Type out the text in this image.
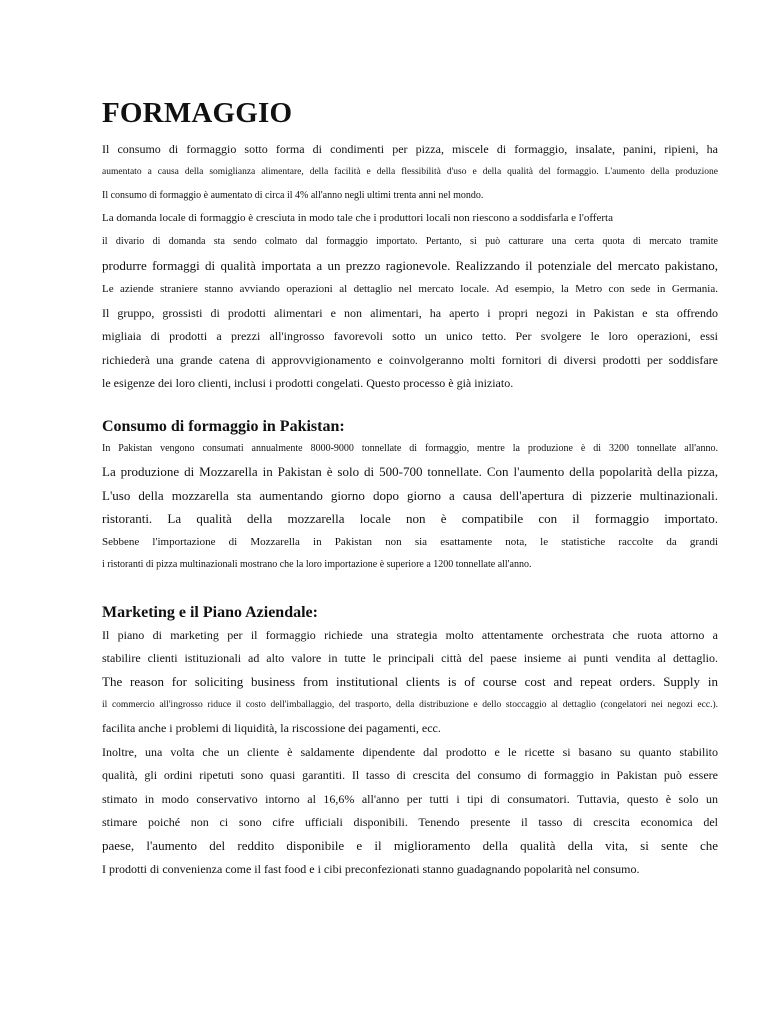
FORMAGGIO
Il consumo di formaggio sotto forma di condimenti per pizza, miscele di formaggio, insalate, panini, ripieni, ha
aumentato a causa della somiglianza alimentare, della facilità e della flessibilità d'uso e della qualità del formaggio. L'aumento della produzione
Il consumo di formaggio è aumentato di circa il 4% all'anno negli ultimi trenta anni nel mondo.
La domanda locale di formaggio è cresciuta in modo tale che i produttori locali non riescono a soddisfarla e l'offerta
il divario di domanda sta sendo colmato dal formaggio importato. Pertanto, si può catturare una certa quota di mercato tramite
produrre formaggi di qualità importata a un prezzo ragionevole. Realizzando il potenziale del mercato pakistano,
Le aziende straniere stanno avviando operazioni al dettaglio nel mercato locale. Ad esempio, la Metro con sede in Germania.
Il gruppo, grossisti di prodotti alimentari e non alimentari, ha aperto i propri negozi in Pakistan e sta offrendo
migliaia di prodotti a prezzi all'ingrosso favorevoli sotto un unico tetto. Per svolgere le loro operazioni, essi
richiederà una grande catena di approvvigionamento e coinvolgeranno molti fornitori di diversi prodotti per soddisfare
le esigenze dei loro clienti, inclusi i prodotti congelati. Questo processo è già iniziato.
Consumo di formaggio in Pakistan:
In Pakistan vengono consumati annualmente 8000-9000 tonnellate di formaggio, mentre la produzione è di 3200 tonnellate all'anno.
La produzione di Mozzarella in Pakistan è solo di 500-700 tonnellate. Con l'aumento della popolarità della pizza,
L'uso della mozzarella sta aumentando giorno dopo giorno a causa dell'apertura di pizzerie multinazionali.
ristoranti. La qualità della mozzarella locale non è compatibile con il formaggio importato.
Sebbene l'importazione di Mozzarella in Pakistan non sia esattamente nota, le statistiche raccolte da grandi
i ristoranti di pizza multinazionali mostrano che la loro importazione è superiore a 1200 tonnellate all'anno.
Marketing e il Piano Aziendale:
Il piano di marketing per il formaggio richiede una strategia molto attentamente orchestrata che ruota attorno a
stabilire clienti istituzionali ad alto valore in tutte le principali città del paese insieme ai punti vendita al dettaglio.
The reason for soliciting business from institutional clients is of course cost and repeat orders. Supply in
il commercio all'ingrosso riduce il costo dell'imballaggio, del trasporto, della distribuzione e dello stoccaggio al dettaglio (congelatori nei negozi ecc.).
facilita anche i problemi di liquidità, la riscossione dei pagamenti, ecc.
Inoltre, una volta che un cliente è saldamente dipendente dal prodotto e le ricette si basano su quanto stabilito
qualità, gli ordini ripetuti sono quasi garantiti. Il tasso di crescita del consumo di formaggio in Pakistan può essere
stimato in modo conservativo intorno al 16,6% all'anno per tutti i tipi di consumatori. Tuttavia, questo è solo un
stimare poiché non ci sono cifre ufficiali disponibili. Tenendo presente il tasso di crescita economica del
paese, l'aumento del reddito disponibile e il miglioramento della qualità della vita, si sente che
I prodotti di convenienza come il fast food e i cibi preconfezionati stanno guadagnando popolarità nel consumo.
